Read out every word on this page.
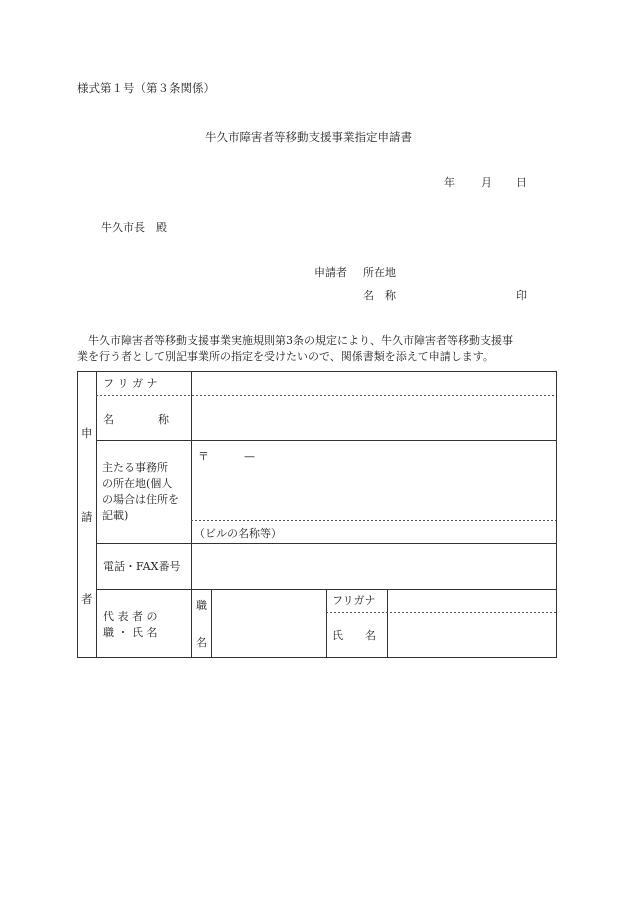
様式第１号（第３条関係）
牛久市障害者等移動支援事業指定申請書
年 月 日
牛久市長　殿
申請者 所在地
名　称	印
牛久市障害者等移動支援事業実施規則第3条の規定により、牛久市障害者等移動支援事
業を行う者として別記事業所の指定を受けたいので、関係書類を添えて申請します。
申
請
者
フ リ ガ ナ
名　　　　称
主たる事務所
の所在地(個人
の場合は住所を
記載)
〒	—
（ビルの名称等）
電話・FAX番号
代 表 者 の
職 ・ 氏 名
職
名
フリガナ
氏　　名
